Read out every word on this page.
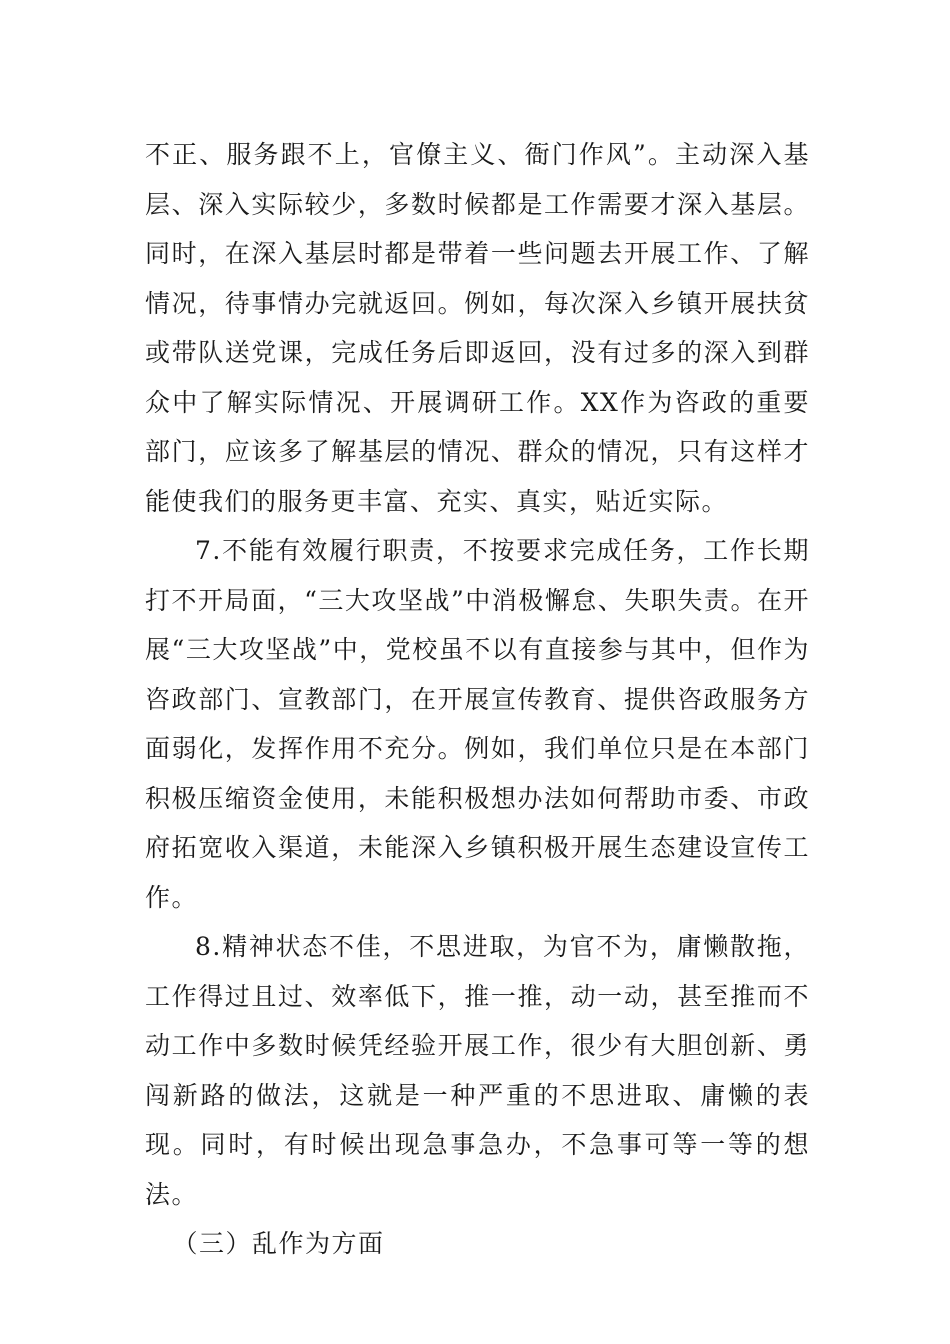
不正、服务跟不上，官僚主义、衙门作风”。主动深入基层、深入实际较少，多数时候都是工作需要才深入基层。同时，在深入基层时都是带着一些问题去开展工作、了解情况，待事情办完就返回。例如，每次深入乡镇开展扶贫或带队送党课，完成任务后即返回，没有过多的深入到群众中了解实际情况、开展调研工作。XX作为咨政的重要部门，应该多了解基层的情况、群众的情况，只有这样才能使我们的服务更丰富、充实、真实，贴近实际。

7.不能有效履行职责，不按要求完成任务，工作长期打不开局面，“三大攻坚战”中消极懈怠、失职失责。在开展“三大攻坚战”中，党校虽不以有直接参与其中，但作为咨政部门、宣教部门，在开展宣传教育、提供咨政服务方面弱化，发挥作用不充分。例如，我们单位只是在本部门积极压缩资金使用，未能积极想办法如何帮助市委、市政府拓宽收入渠道，未能深入乡镇积极开展生态建设宣传工作。

8.精神状态不佳，不思进取，为官不为，庸懒散拖，工作得过且过、效率低下，推一推，动一动，甚至推而不动工作中多数时候凭经验开展工作，很少有大胆创新、勇闯新路的做法，这就是一种严重的不思进取、庸懒的表现。同时，有时候出现急事急办，不急事可等一等的想法。

（三）乱作为方面
